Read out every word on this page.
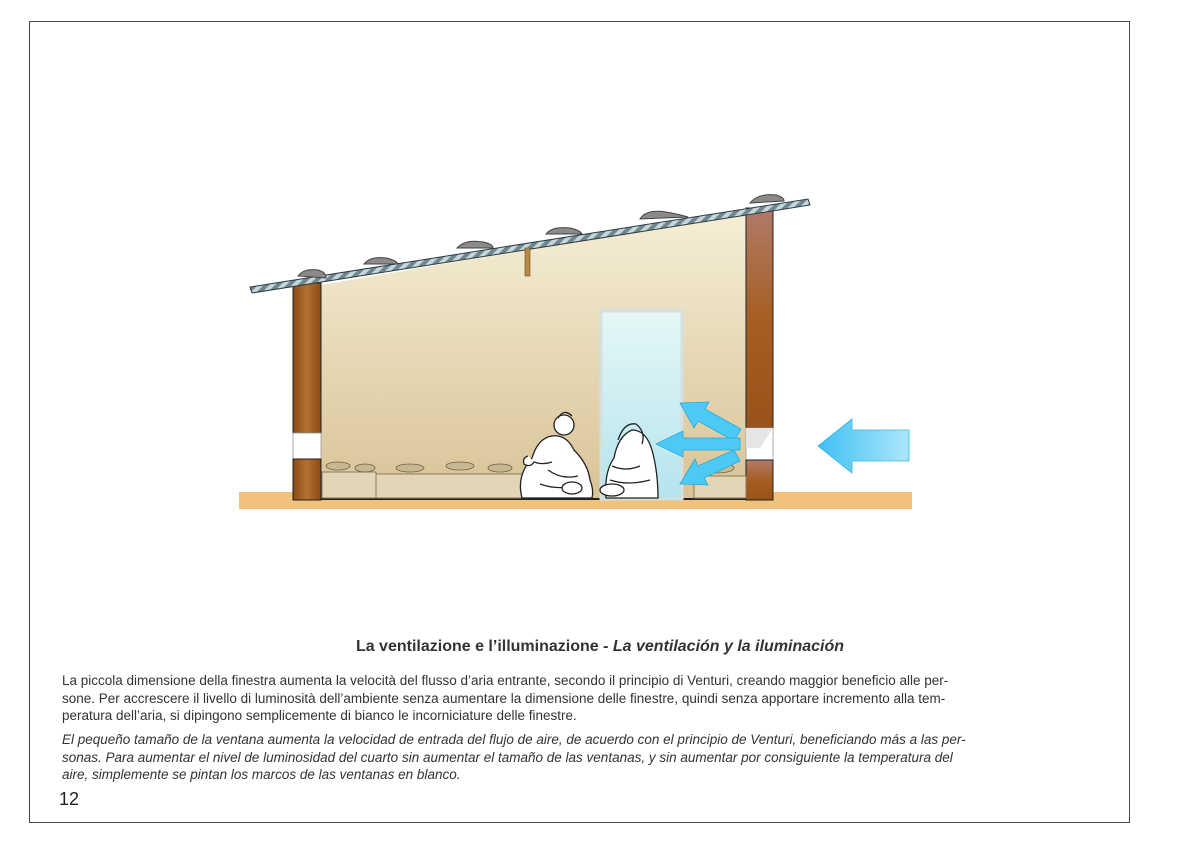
La ventilazione e l’illuminazione - La ventilación y la iluminación
La piccola dimensione della finestra aumenta la velocità del flusso d’aria entrante, secondo il principio di Venturi, creando maggior beneficio alle per-
sone. Per accrescere il livello di luminosità dell’ambiente senza aumentare la dimensione delle finestre, quindi senza apportare incremento alla tem-
peratura dell’aria, si dipingono semplicemente di bianco le incorniciature delle finestre.
El pequeño tamaño de la ventana aumenta la velocidad de entrada del flujo de aire, de acuerdo con el principio de Venturi, beneficiando más a las per-
sonas. Para aumentar el nivel de luminosidad del cuarto sin aumentar el tamaño de las ventanas, y sin aumentar por consiguiente la temperatura del
aire, simplemente se pintan los marcos de las ventanas en blanco.
12
